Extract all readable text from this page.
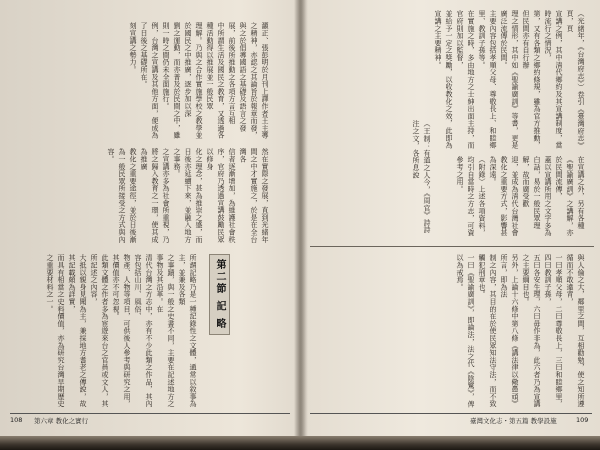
灝正、張彭明於月刊上譯作者王主導之精神，亦認之其論旨於報章而發，
與之於倡導國語之基礎及語言之發展，前後所推動之各項方言互相
中所謂生活及國民之教育，又透過各種活動得以推展並一般民眾
理解。乃與之合作實施學校之教學並於國民之中推廣，逐步加以深
劉之運動，而亦普及於民間之中，雖則一時之間仍未全面施行。
例，台灣之宣講及其他方面，便成為了日後之基礎所在。
刻宣講之勢力。
然在實際之發展，直到光緒年間之中才實施之，於是在全台灣各
信者逐漸增加，為維護社會秩序，官府乃透過宣講鼓勵民眾以修身
化之理念，甚為推崇之盛，而日後亦延續下來，並融入地方之事務。
之宣講亦多為社會所重視，乃將之歸入教育之一環，使其成為推廣
教化之重要途徑，並於日後漸為一般民眾所接受之方式與內容。
第二節 記 略
所謂記略乃是一種記錄性之文體，通常以敘事為主，並兼及各類
之事蹟，與一般之史書不同，主要在記述地方之事物及其沿革。在
清代台灣之方志中，亦有不少此類之作品，其內容包括山川、風俗、
物產、人物等項目，可供後人參考與研究之用，其價值亦不可忽視。
此類文體之作者多為宦遊來台之官員或文人，其所記述之內容，
大抵以親身見聞為主，兼採地方耆老之傳說，故其記載頗為詳實，
而具有相當之史料價值，亦為研究台灣早期歷史之重要材料之一。
108 第六章 教化之實行
（光緒年，《台灣府志》）卷引《臺灣府志》頁，頁
宣講之例，其中清代鄉約及其宣講制度，當時流行之情況，
第，又有各類之鄉約條規，雖為官方推動，但民間亦有自行辦
理之情形，其中如《聖諭廣訓》等書，更是廣泛流傳於民間。
主要內容包括孝順父母、尊敬長上、和睦鄉里、教訓子孫等。
在實施之時，多由地方之士紳出面主持，而官府則加以監督，
並給予一定之獎勵，以收教化之效，此即為宣講之主要精神。
在宣講之外，另有各種《聖諭廣訓》之講解，亦於民間流傳，
蓋以宣講所用之文字多為白話，易於一般民眾理解，故而廣受歡
迎，並成為清代台灣社會教化之重要方式，影響甚為深遠。
（附錄）上述各項資料，均引自當時之方志，可資參考之用。
（王制：有道之人今，《周官》詩詩注之文，各所息說
與人倫之大，鄰里之間，互相勸勉，使之知所遵循而不敢違背，
一曰孝順父母，二曰尊敬長上，三曰和睦鄉里，四曰教訓子孫，
五曰各安生理，六曰毋作非為，此六者乃為宣講之主要綱目也。
另外，上論十六條中第八條《講法律以儆愚頑》所言，即為法
制之內容，其目的在於使民眾知法守法，而不致觸犯刑章也。
一曰《聖諭廣訓》，即論法，法之代《陰騭》，俾以為戒焉。
臺灣文化志・第五篇 教學設施	109
